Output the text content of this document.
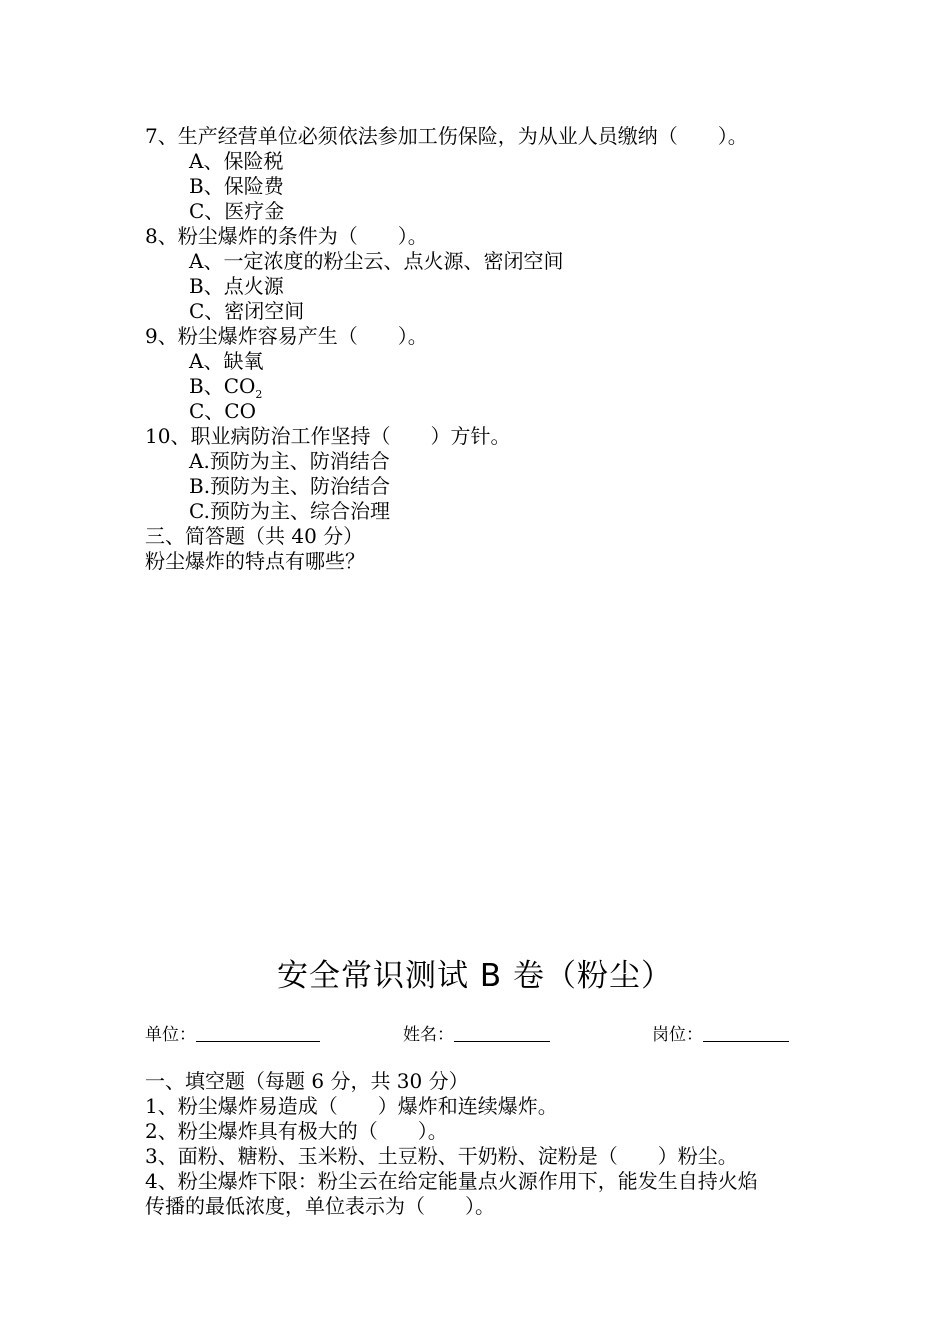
7、生产经营单位必须依法参加工伤保险，为从业人员缴纳（　　）。
A、保险税
B、保险费
C、医疗金
8、粉尘爆炸的条件为（　　）。
A、一定浓度的粉尘云、点火源、密闭空间
B、点火源
C、密闭空间
9、粉尘爆炸容易产生（　　）。
A、缺氧
B、$CO_2$
C、CO
10、职业病防治工作坚持（　　）方针。
A.预防为主、防消结合
B.预防为主、防治结合
C.预防为主、综合治理
三、简答题（共 40 分）
粉尘爆炸的特点有哪些？
安全常识测试 B 卷（粉尘）
单位：	姓名：	岗位：
一、填空题（每题 6 分，共 30 分）
1、粉尘爆炸易造成（　　）爆炸和连续爆炸。
2、粉尘爆炸具有极大的（　　）。
3、面粉、糖粉、玉米粉、土豆粉、干奶粉、淀粉是（　　）粉尘。
4、粉尘爆炸下限：粉尘云在给定能量点火源作用下，能发生自持火焰
传播的最低浓度，单位表示为（　　）。
